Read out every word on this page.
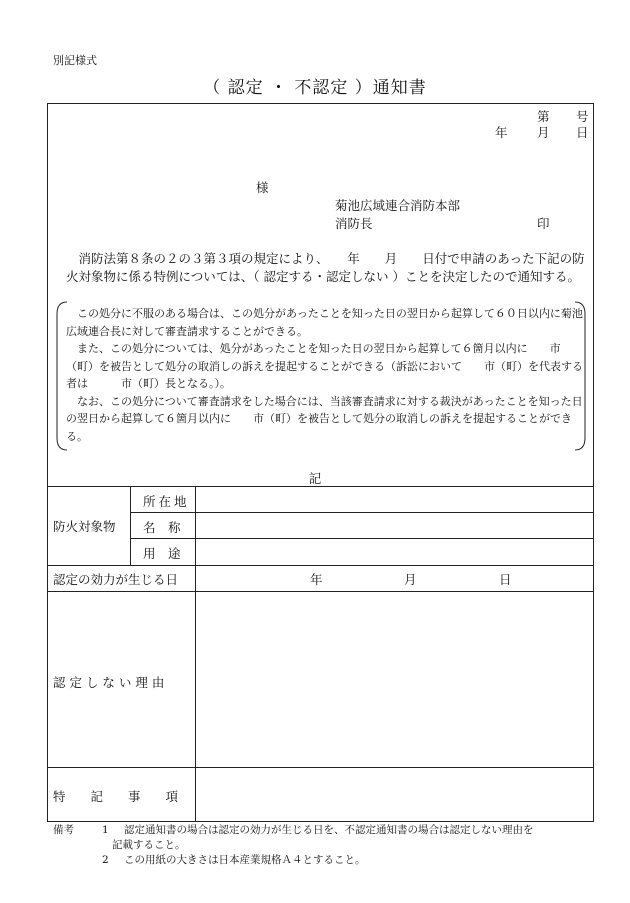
別記様式
（ 認定 ・ 不認定 ）通知書
第 号
年 月 日
様
菊池広域連合消防本部
消防長	印
消防法第８条の２の３第３項の規定により、　　年　　月　　日付で申請のあった下記の防火対象物に係る特例については、（ 認定する・認定しない ）ことを決定したので通知する。

この処分に不服のある場合は、この処分があったことを知った日の翌日から起算して６０日以内に菊池広域連合長に対して審査請求することができる。

また、この処分については、処分があったことを知った日の翌日から起算して６箇月以内に　　市（町）を被告として処分の取消しの訴えを提起することができる（訴訟において　　市（町）を代表する者は　　　市（町）長となる。）。

なお、この処分について審査請求をした場合には、当該審査請求に対する裁決があったことを知った日の翌日から起算して６箇月以内に　　市（町）を被告として処分の取消しの訴えを提起することができる。

記
防火対象物
所在地
名　称
用　途
認定の効力が生じる日	年	月	日
認 定 し な い 理 由
特　　記　　事　　項
備考	1 認定通知書の場合は認定の効力が生じる日を、不認定通知書の場合は認定しない理由を
記載すること。
2 この用紙の大きさは日本産業規格Ａ４とすること。
